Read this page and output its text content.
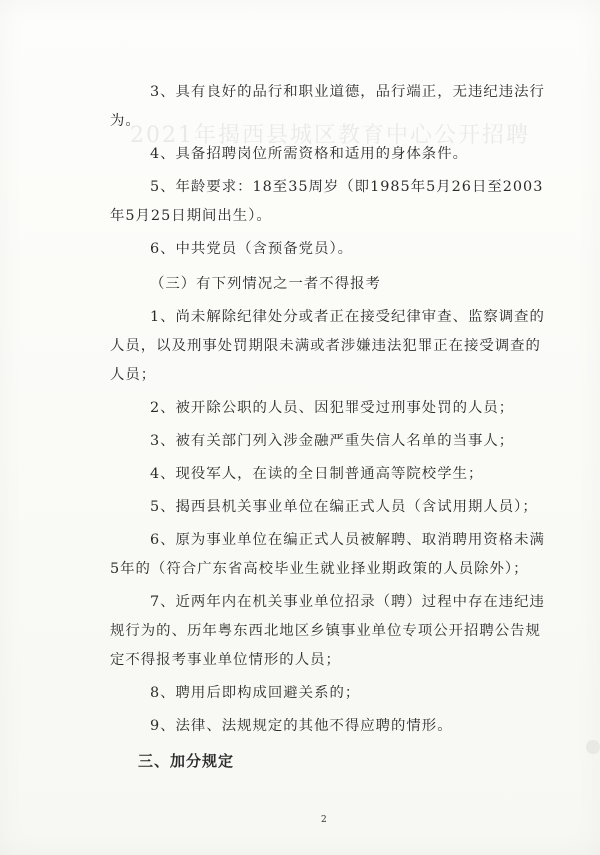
2021年揭西县城区教育中心公开招聘

3、具有良好的品行和职业道德，品行端正，无违纪违法行为。

4、具备招聘岗位所需资格和适用的身体条件。

5、年龄要求：18至35周岁（即1985年5月26日至2003年5月25日期间出生）。

6、中共党员（含预备党员）。

（三）有下列情况之一者不得报考

1、尚未解除纪律处分或者正在接受纪律审查、监察调查的人员，以及刑事处罚期限未满或者涉嫌违法犯罪正在接受调查的人员；

2、被开除公职的人员、因犯罪受过刑事处罚的人员；

3、被有关部门列入涉金融严重失信人名单的当事人；

4、现役军人，在读的全日制普通高等院校学生；

5、揭西县机关事业单位在编正式人员（含试用期人员）；

6、原为事业单位在编正式人员被解聘、取消聘用资格未满5年的（符合广东省高校毕业生就业择业期政策的人员除外）；

7、近两年内在机关事业单位招录（聘）过程中存在违纪违规行为的、历年粤东西北地区乡镇事业单位专项公开招聘公告规定不得报考事业单位情形的人员；

8、聘用后即构成回避关系的；

9、法律、法规规定的其他不得应聘的情形。

三、加分规定

2
